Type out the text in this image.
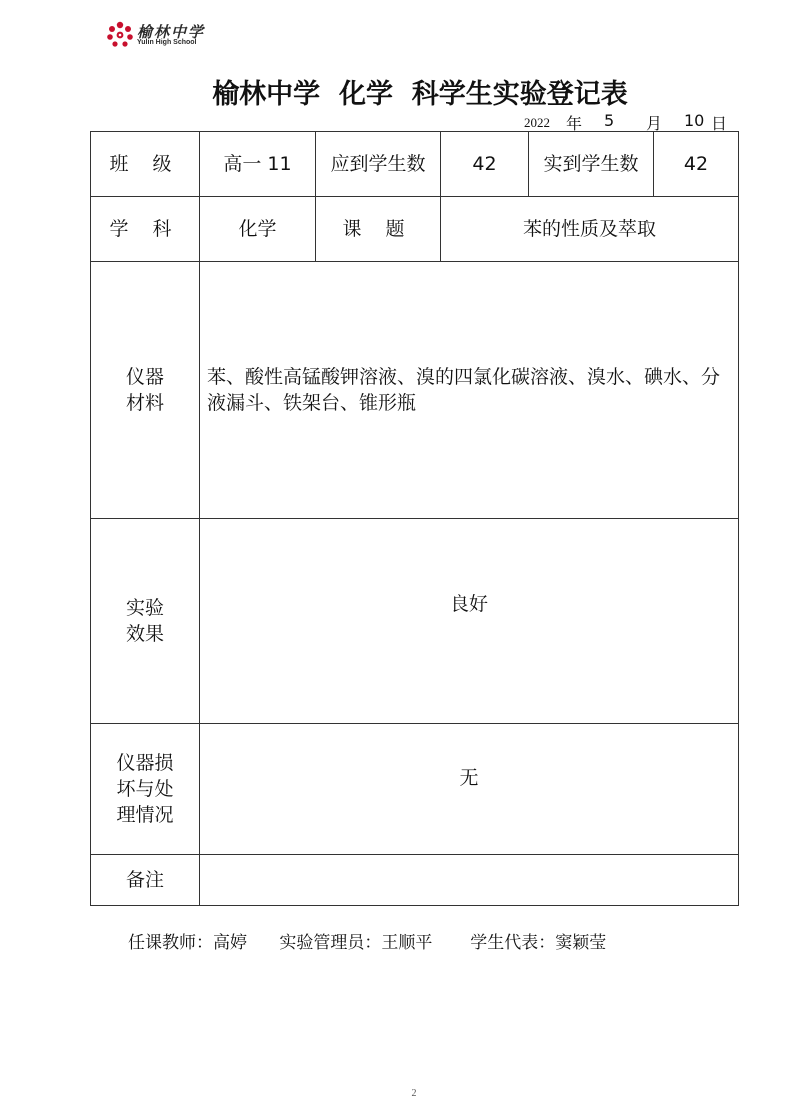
榆林中学
Yulin High School
榆林中学  化学  科学生实验登记表
2022 年 5 月 10 日
班 级	高一 11	应到学生数	42	实到学生数	42
学 科	化学	课 题	苯的性质及萃取		

仪器
材料	苯、酸性高锰酸钾溶液、溴的四氯化碳溶液、溴水、碘水、分液漏斗、铁架台、锥形瓶				

实验
效果	良好				

仪器损
坏与处
理情况	无				

备注					
任课教师：高婷      实验管理员：王顺平       学生代表：窦颖莹
2
